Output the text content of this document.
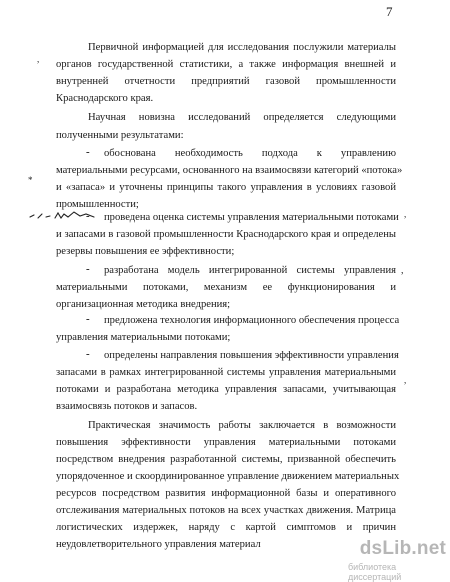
7
,
*
,
,
,
Первичной информацией для исследования послужили материалы
органов государственной статистики, а также информация внешней и
внутренней отчетности предприятий газовой промышленности
Краснодарского края.
Научная новизна исследований определяется следующими
полученными результатами:
- обоснована необходимость подхода к управлению
материальными ресурсами, основанного на взаимосвязи категорий «потока»
и «запаса» и уточнены принципы такого управления в условиях газовой
промышленности;
- проведена оценка системы управления материальными потоками
и запасами в газовой промышленности Краснодарского края и определены
резервы повышения ее эффективности;
- разработана модель интегрированной системы управления
материальными потоками, механизм ее функционирования и
организационная методика внедрения;
- предложена технология информационного обеспечения процесса
управления материальными потоками;
- определены направления повышения эффективности управления
запасами в рамках интегрированной системы управления материальными
потоками и разработана методика управления запасами, учитывающая
взаимосвязь потоков и запасов.
Практическая значимость работы заключается в возможности
повышения эффективности управления материальными потоками
посредством внедрения разработанной системы, призванной обеспечить
упорядоченное и скоординированное управление движением материальных
ресурсов посредством развития информационной базы и оперативного
отслеживания материальных потоков на всех участках движения. Матрица
логистических издержек, наряду с картой симптомов и причин
неудовлетворительного управления материал	dsLib.net
библиотека диссертаций
